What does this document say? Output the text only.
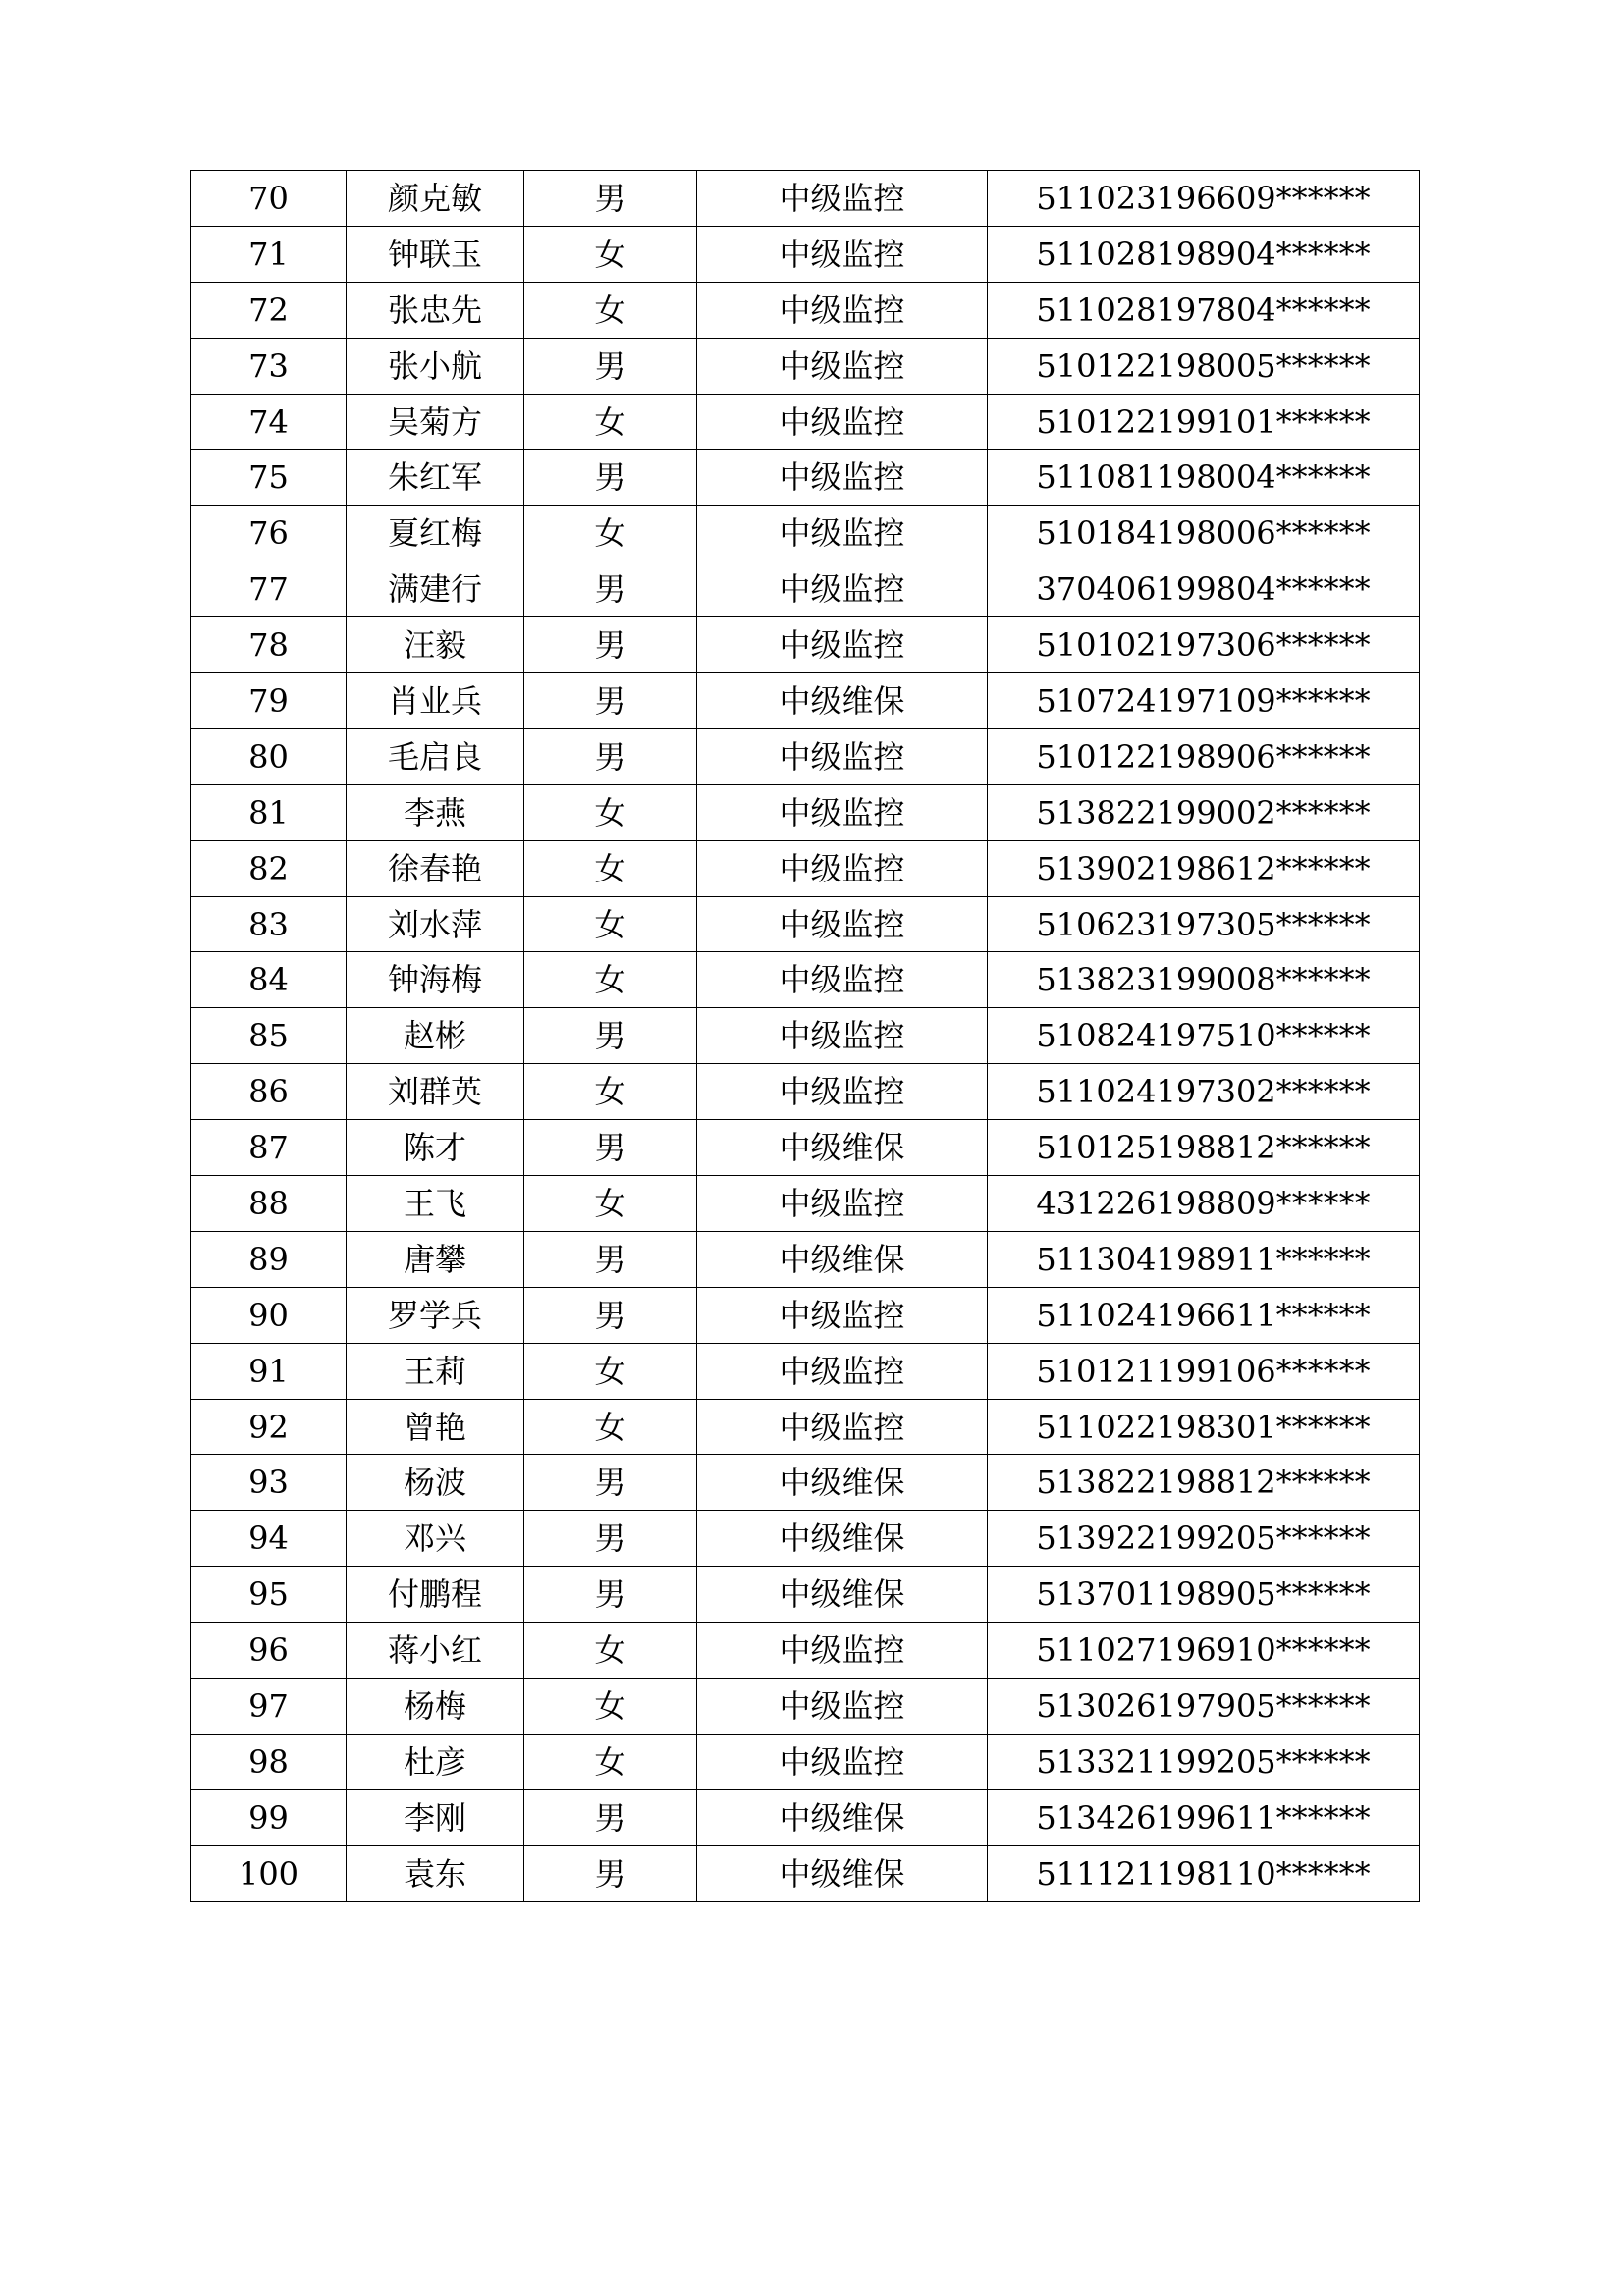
70	颜克敏	男	中级监控	511023196609******
71	钟联玉	女	中级监控	511028198904******
72	张忠先	女	中级监控	511028197804******
73	张小航	男	中级监控	510122198005******
74	吴菊方	女	中级监控	510122199101******
75	朱红军	男	中级监控	511081198004******
76	夏红梅	女	中级监控	510184198006******
77	满建行	男	中级监控	370406199804******
78	汪毅	男	中级监控	510102197306******
79	肖业兵	男	中级维保	510724197109******
80	毛启良	男	中级监控	510122198906******
81	李燕	女	中级监控	513822199002******
82	徐春艳	女	中级监控	513902198612******
83	刘水萍	女	中级监控	510623197305******
84	钟海梅	女	中级监控	513823199008******
85	赵彬	男	中级监控	510824197510******
86	刘群英	女	中级监控	511024197302******
87	陈才	男	中级维保	510125198812******
88	王飞	女	中级监控	431226198809******
89	唐攀	男	中级维保	511304198911******
90	罗学兵	男	中级监控	511024196611******
91	王莉	女	中级监控	510121199106******
92	曾艳	女	中级监控	511022198301******
93	杨波	男	中级维保	513822198812******
94	邓兴	男	中级维保	513922199205******
95	付鹏程	男	中级维保	513701198905******
96	蒋小红	女	中级监控	511027196910******
97	杨梅	女	中级监控	513026197905******
98	杜彦	女	中级监控	513321199205******
99	李刚	男	中级维保	513426199611******
100	袁东	男	中级维保	511121198110******
